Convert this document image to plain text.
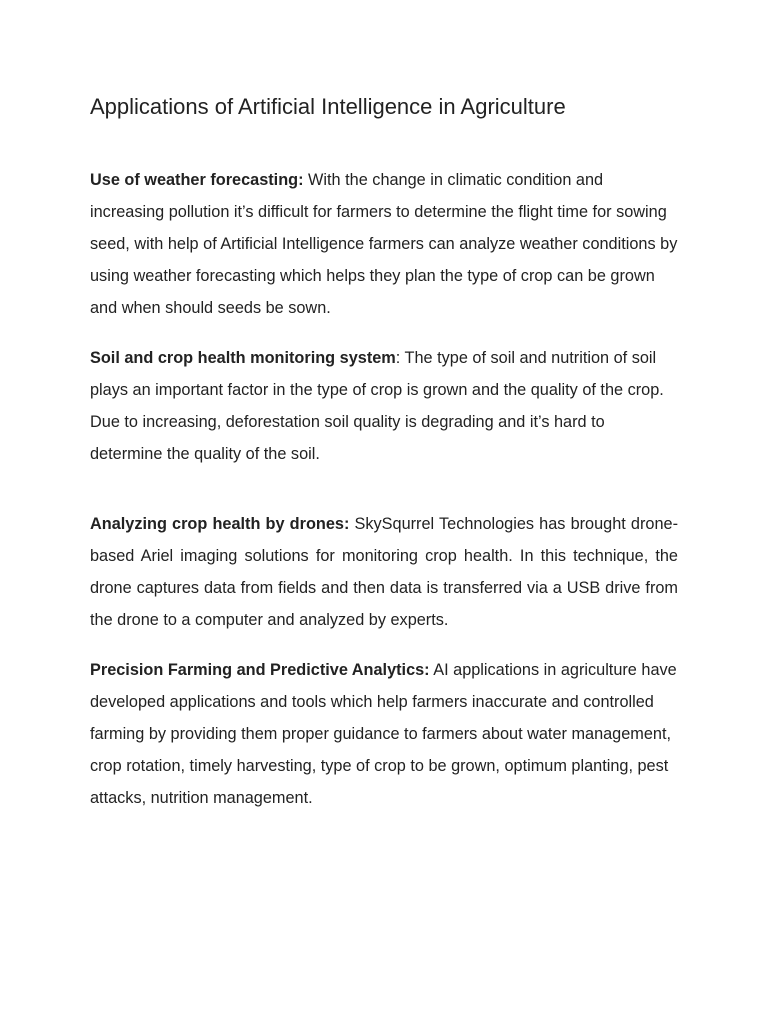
Applications of Artificial Intelligence in Agriculture

Use of weather forecasting: With the change in climatic condition and increasing pollution it’s difficult for farmers to determine the flight time for sowing seed, with help of Artificial Intelligence farmers can analyze weather conditions by using weather forecasting which helps they plan the type of crop can be grown and when should seeds be sown.

Soil and crop health monitoring system: The type of soil and nutrition of soil plays an important factor in the type of crop is grown and the quality of the crop. Due to increasing, deforestation soil quality is degrading and it’s hard to determine the quality of the soil.

Analyzing crop health by drones: SkySqurrel Technologies has brought drone-based Ariel imaging solutions for monitoring crop health. In this technique, the drone captures data from fields and then data is transferred via a USB drive from the drone to a computer and analyzed by experts.

Precision Farming and Predictive Analytics: AI applications in agriculture have developed applications and tools which help farmers inaccurate and controlled farming by providing them proper guidance to farmers about water management, crop rotation, timely harvesting, type of crop to be grown, optimum planting, pest attacks, nutrition management.
